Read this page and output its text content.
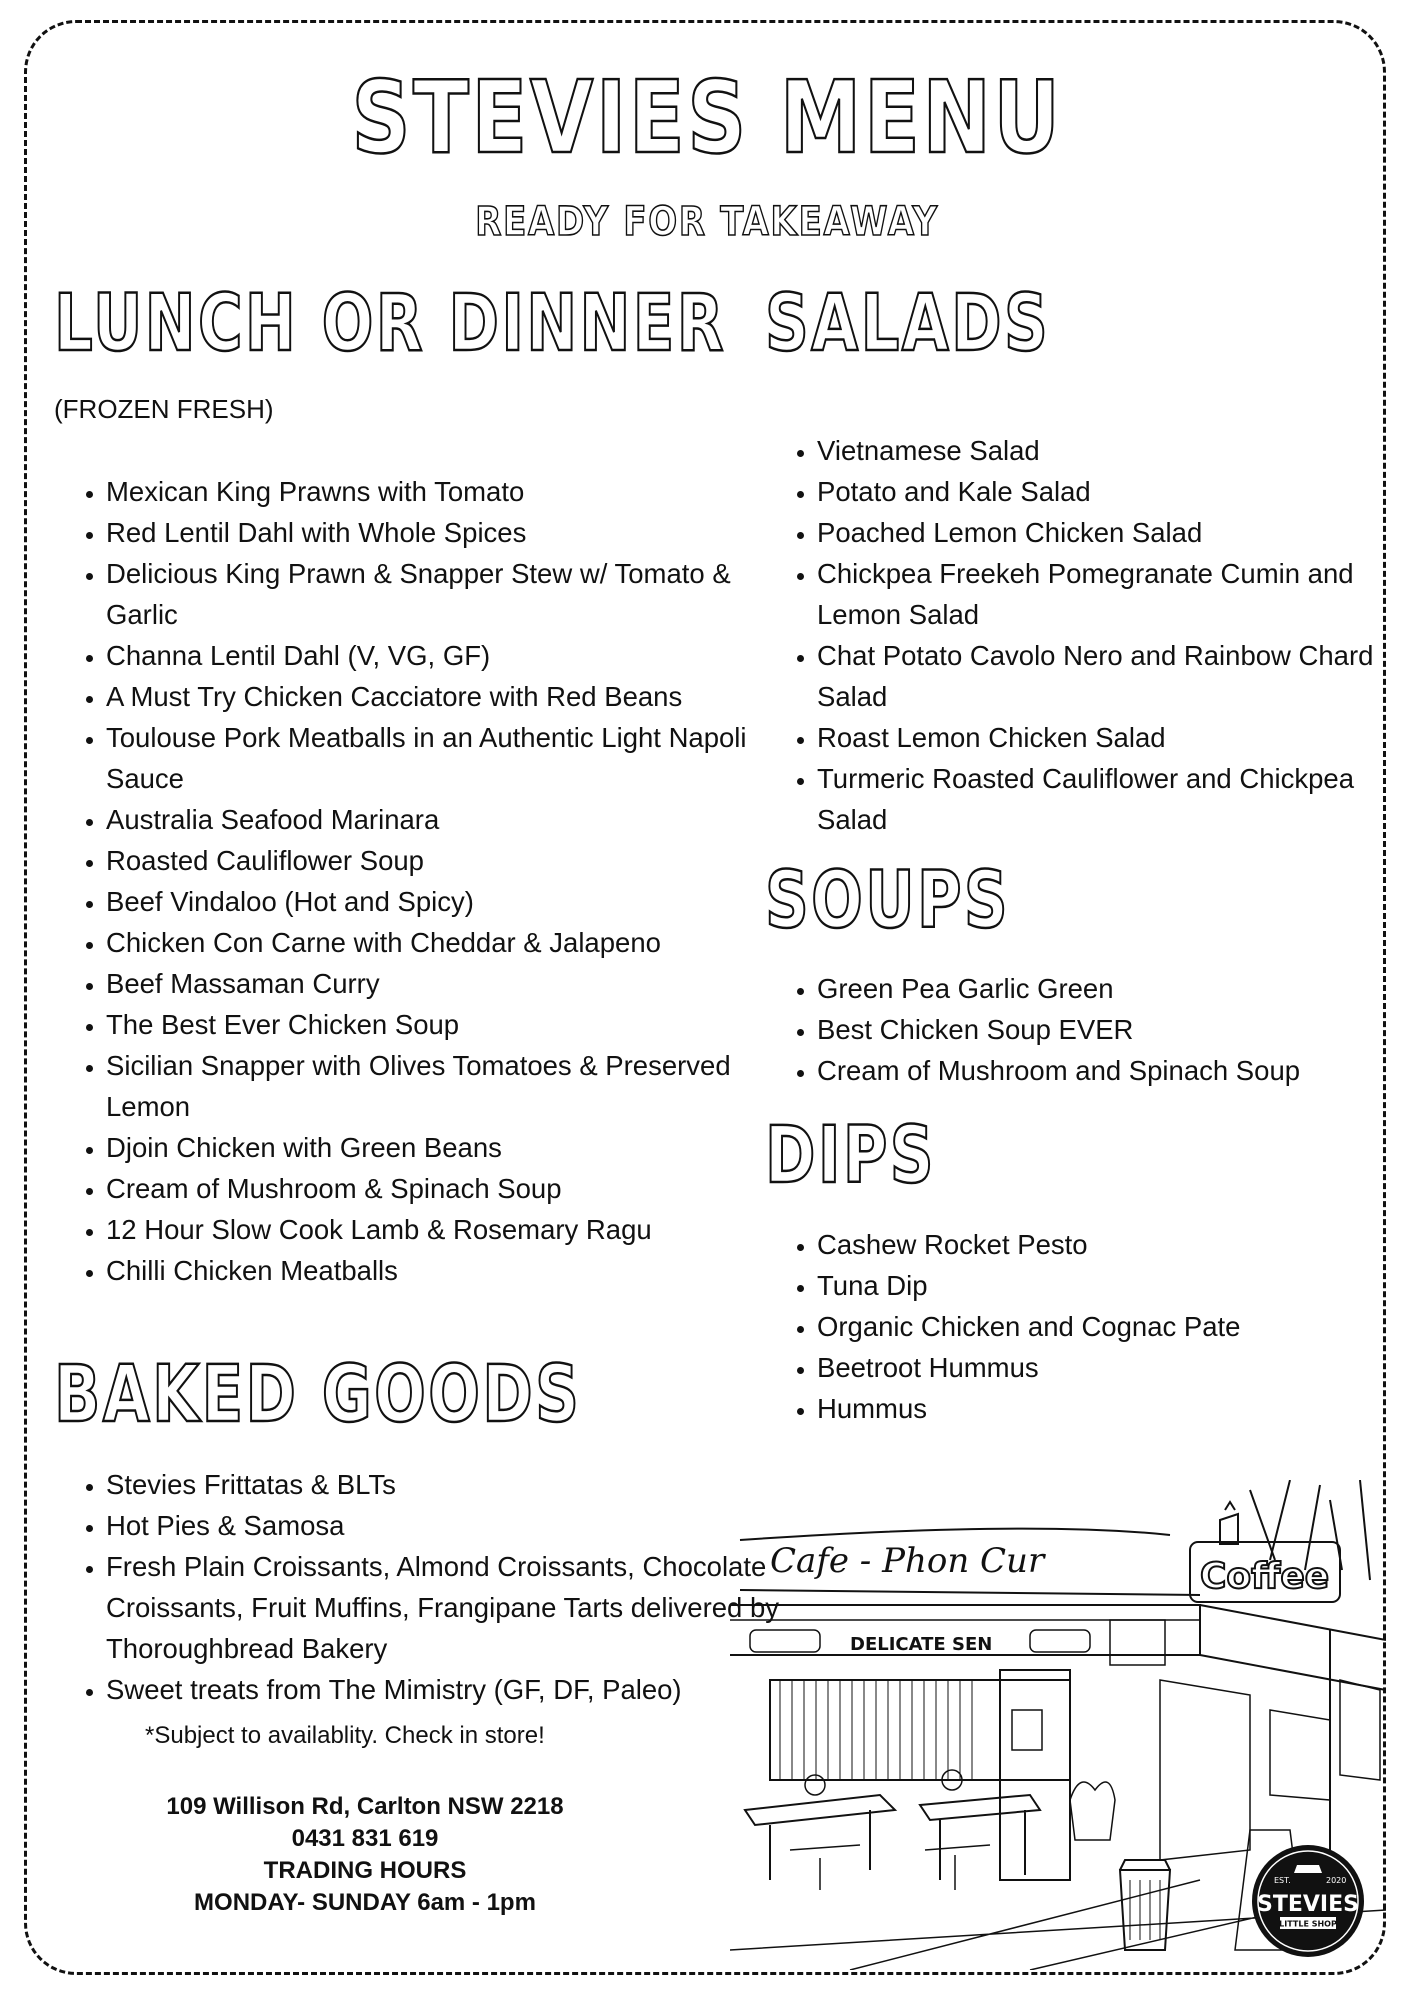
STEVIES MENU
READY FOR TAKEAWAY
LUNCH OR DINNER

(FROZEN FRESH)

• Mexican King Prawns with Tomato
• Red Lentil Dahl with Whole Spices
• Delicious King Prawn & Snapper Stew w/ Tomato & Garlic
• Channa Lentil Dahl (V, VG, GF)
• A Must Try Chicken Cacciatore with Red Beans
• Toulouse Pork Meatballs in an Authentic Light Napoli Sauce
• Australia Seafood Marinara
• Roasted Cauliflower Soup
• Beef Vindaloo (Hot and Spicy)
• Chicken Con Carne with Cheddar & Jalapeno
• Beef Massaman Curry
• The Best Ever Chicken Soup
• Sicilian Snapper with Olives Tomatoes & Preserved Lemon
• Djoin Chicken with Green Beans
• Cream of Mushroom & Spinach Soup
• 12 Hour Slow Cook Lamb & Rosemary Ragu
• Chilli Chicken Meatballs
SALADS
• Vietnamese Salad
• Potato and Kale Salad
• Poached Lemon Chicken Salad
• Chickpea Freekeh Pomegranate Cumin and Lemon Salad
• Chat Potato Cavolo Nero and Rainbow Chard Salad
• Roast Lemon Chicken Salad
• Turmeric Roasted Cauliflower and Chickpea Salad
SOUPS
• Green Pea Garlic Green
• Best Chicken Soup EVER
• Cream of Mushroom and Spinach Soup
DIPS
• Cashew Rocket Pesto
• Tuna Dip
• Organic Chicken and Cognac Pate
• Beetroot Hummus
• Hummus
BAKED GOODS
• Stevies Frittatas & BLTs
• Hot Pies & Samosa
• Fresh Plain Croissants, Almond Croissants, Chocolate Croissants, Fruit Muffins, Frangipane Tarts delivered by Thoroughbread Bakery
• Sweet treats from The Mimistry (GF, DF, Paleo)

*Subject to availablity. Check in store!

109 Willison Rd, Carlton NSW 2218
0431 831 619
TRADING HOURS
MONDAY- SUNDAY 6am - 1pm
Cafe - Phon Cur	Coffee
DELICATE SEN
EST.	2020
STEVIES
LITTLE SHOP
